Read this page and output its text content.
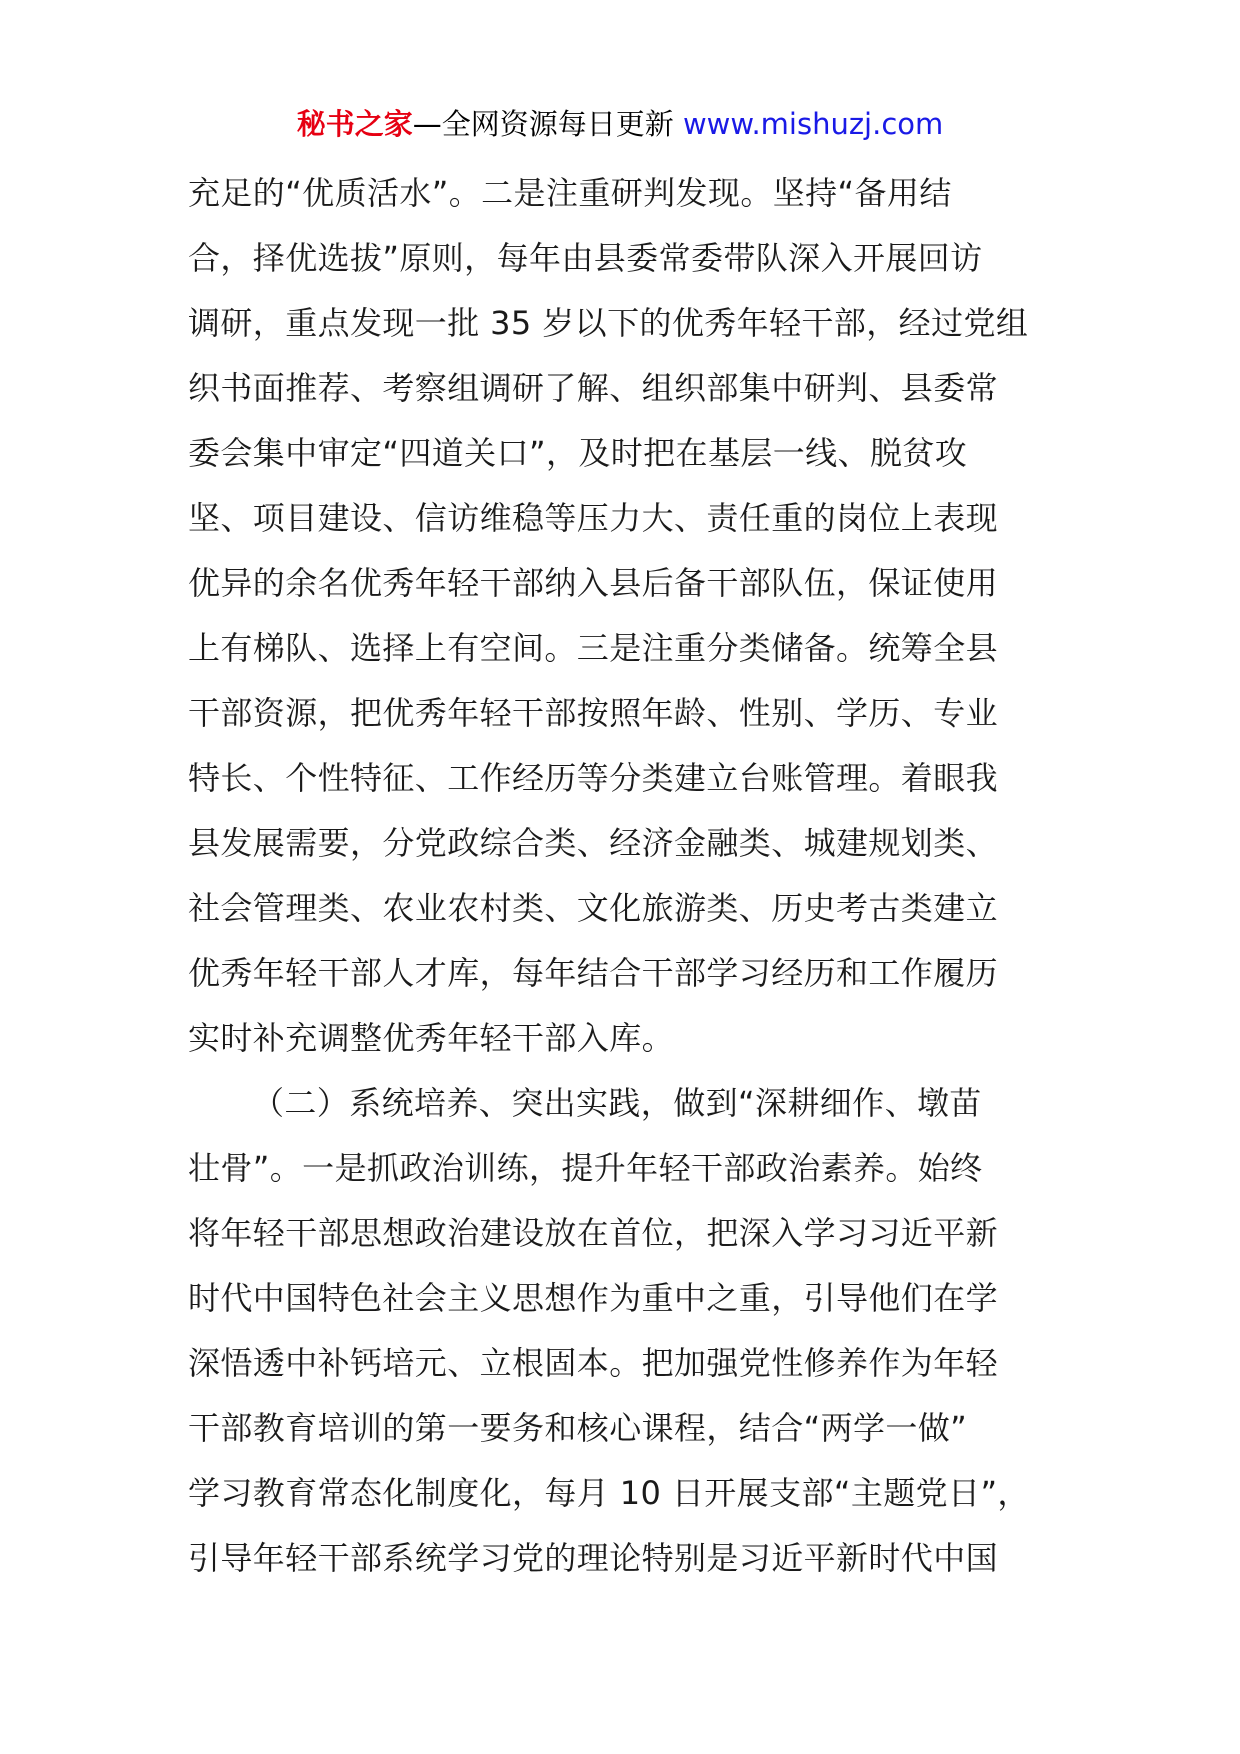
秘书之家—全网资源每日更新 www.mishuzj.com
充足的“优质活水”。二是注重研判发现。坚持“备用结
合，择优选拔”原则，每年由县委常委带队深入开展回访
调研，重点发现一批 35 岁以下的优秀年轻干部，经过党组
织书面推荐、考察组调研了解、组织部集中研判、县委常
委会集中审定“四道关口”，及时把在基层一线、脱贫攻
坚、项目建设、信访维稳等压力大、责任重的岗位上表现
优异的余名优秀年轻干部纳入县后备干部队伍，保证使用
上有梯队、选择上有空间。三是注重分类储备。统筹全县
干部资源，把优秀年轻干部按照年龄、性别、学历、专业
特长、个性特征、工作经历等分类建立台账管理。着眼我
县发展需要，分党政综合类、经济金融类、城建规划类、
社会管理类、农业农村类、文化旅游类、历史考古类建立
优秀年轻干部人才库，每年结合干部学习经历和工作履历
实时补充调整优秀年轻干部入库。
（二）系统培养、突出实践，做到“深耕细作、墩苗
壮骨”。一是抓政治训练，提升年轻干部政治素养。始终
将年轻干部思想政治建设放在首位，把深入学习习近平新
时代中国特色社会主义思想作为重中之重，引导他们在学
深悟透中补钙培元、立根固本。把加强党性修养作为年轻
干部教育培训的第一要务和核心课程，结合“两学一做”
学习教育常态化制度化，每月 10 日开展支部“主题党日”，
引导年轻干部系统学习党的理论特别是习近平新时代中国
